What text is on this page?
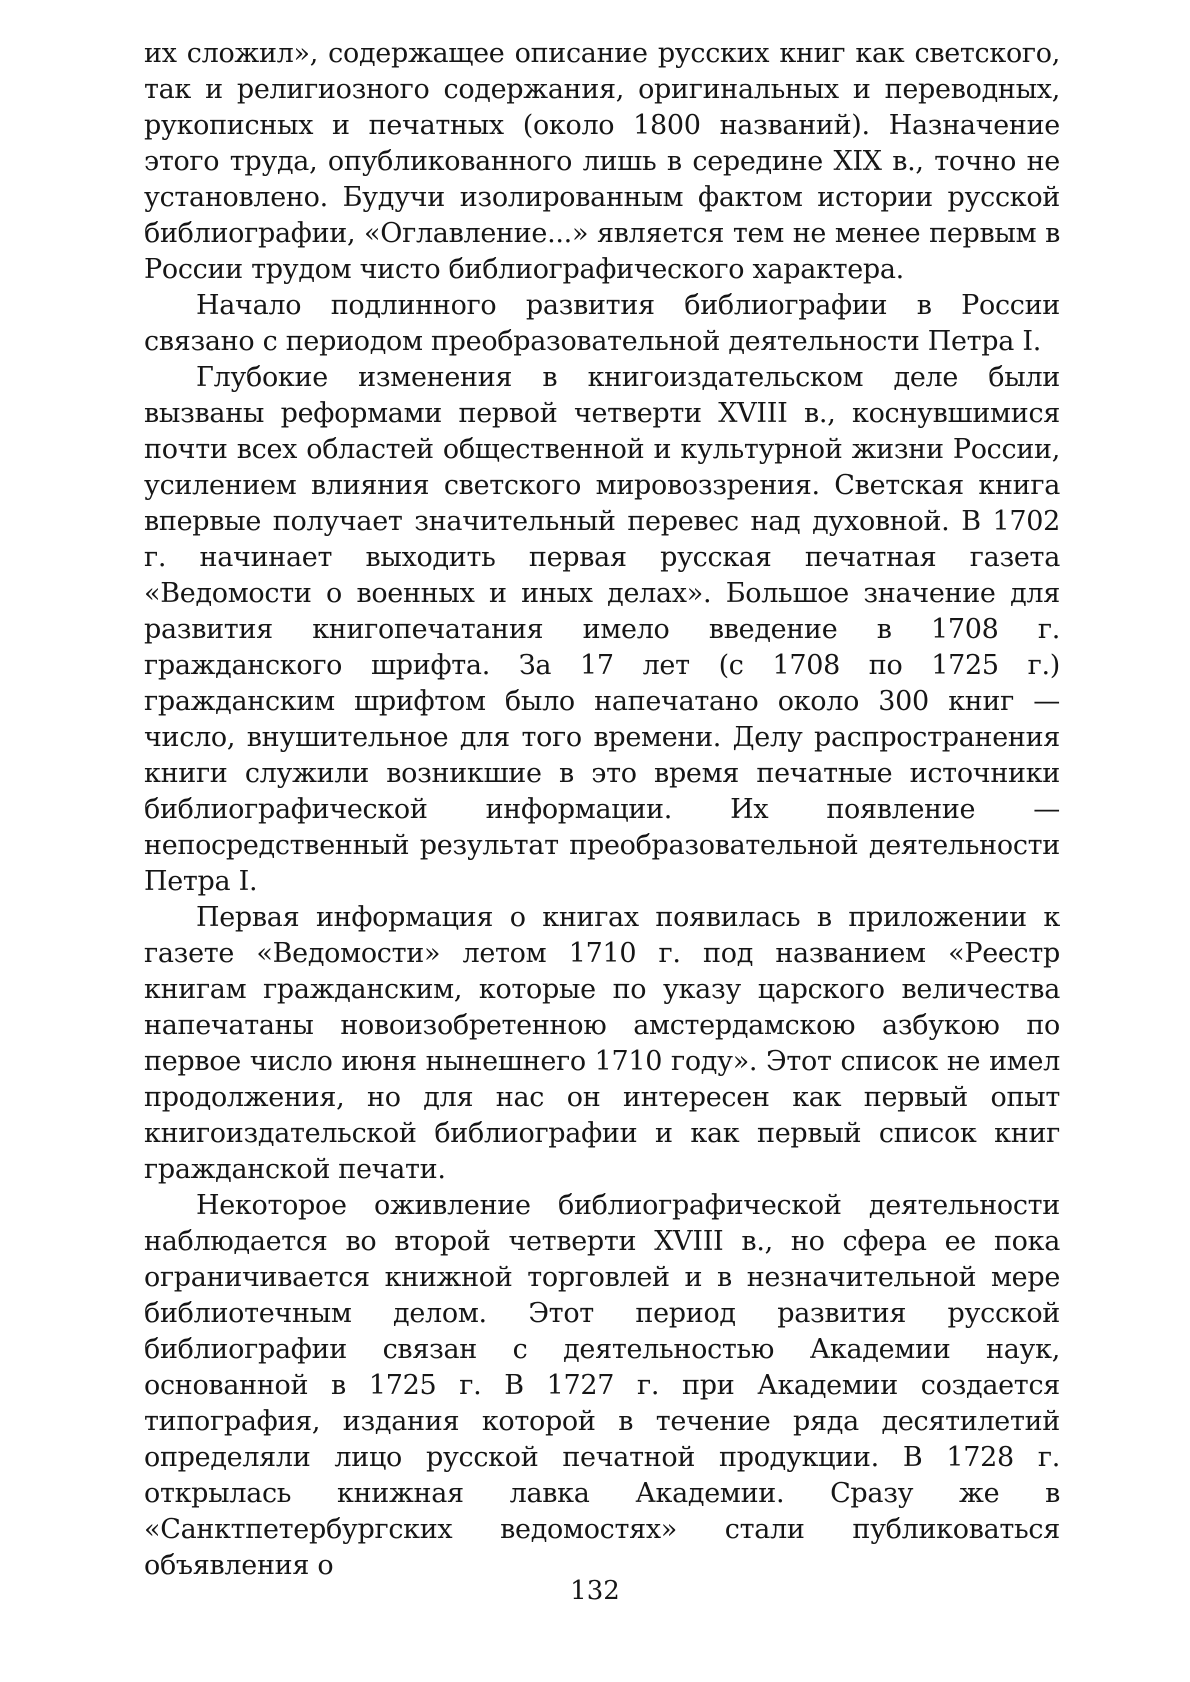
их сложил», содержащее описание русских книг как светского, так и религиозного содержания, оригинальных и переводных, рукописных и печатных (около 1800 названий). Назначение этого труда, опубликованного лишь в середине XIX в., точно не установлено. Будучи изолированным фактом истории русской библиографии, «Оглавление...» является тем не менее первым в России трудом чисто библиографического характера.

Начало подлинного развития библиографии в России связано с периодом преобразовательной деятельности Петра I.

Глубокие изменения в книгоиздательском деле были вызваны реформами первой четверти XVIII в., коснувшимися почти всех областей общественной и культурной жизни России, усилением влияния светского мировоззрения. Светская книга впервые получает значительный перевес над духовной. В 1702 г. начинает выходить первая русская печатная газета «Ведомости о военных и иных делах». Большое значение для развития книгопечатания имело введение в 1708 г. гражданского шрифта. За 17 лет (с 1708 по 1725 г.) гражданским шрифтом было напечатано около 300 книг — число, внушительное для того времени. Делу распространения книги служили возникшие в это время печатные источники библиографической информации. Их появление — непосредственный результат преобразовательной деятельности Петра I.

Первая информация о книгах появилась в приложении к газете «Ведомости» летом 1710 г. под названием «Реестр книгам гражданским, которые по указу царского величества напечатаны новоизобретенною амстердамскою азбукою по первое число июня нынешнего 1710 году». Этот список не имел продолжения, но для нас он интересен как первый опыт книгоиздательской библиографии и как первый список книг гражданской печати.

Некоторое оживление библиографической деятельности наблюдается во второй четверти XVIII в., но сфера ее пока ограничивается книжной торговлей и в незначительной мере библиотечным делом. Этот период развития русской библиографии связан с деятельностью Академии наук, основанной в 1725 г. В 1727 г. при Академии создается типография, издания которой в течение ряда десятилетий определяли лицо русской печатной продукции. В 1728 г. открылась книжная лавка Академии. Сразу же в «Санктпетербургских ведомостях» стали публиковаться объявления о

132
